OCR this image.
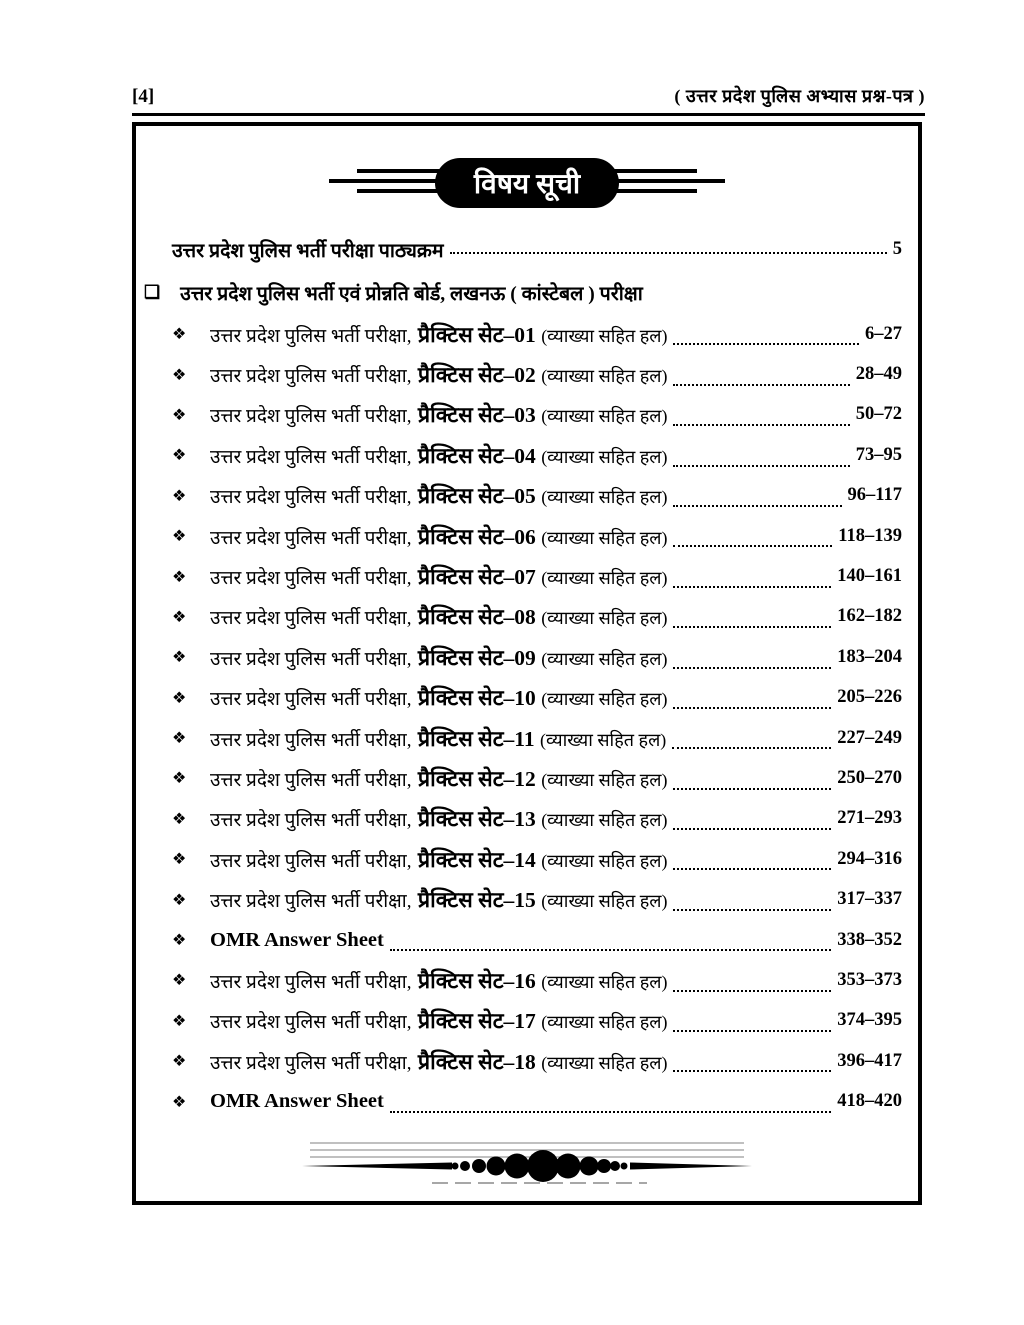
[4]	( उत्तर प्रदेश पुलिस अभ्यास प्रश्न-पत्र )
विषय सूची
उत्तर प्रदेश पुलिस भर्ती परीक्षा पाठ्यक्रम	5
❏ उत्तर प्रदेश पुलिस भर्ती एवं प्रोन्नति बोर्ड, लखनऊ ( कांस्टेबल ) परीक्षा
❖	उत्तर प्रदेश पुलिस भर्ती परीक्षा, प्रैक्टिस सेट–01 (व्याख्या सहित हल)	6–27
❖	उत्तर प्रदेश पुलिस भर्ती परीक्षा, प्रैक्टिस सेट–02 (व्याख्या सहित हल)	28–49
❖	उत्तर प्रदेश पुलिस भर्ती परीक्षा, प्रैक्टिस सेट–03 (व्याख्या सहित हल)	50–72
❖	उत्तर प्रदेश पुलिस भर्ती परीक्षा, प्रैक्टिस सेट–04 (व्याख्या सहित हल)	73–95
❖	उत्तर प्रदेश पुलिस भर्ती परीक्षा, प्रैक्टिस सेट–05 (व्याख्या सहित हल)	96–117
❖	उत्तर प्रदेश पुलिस भर्ती परीक्षा, प्रैक्टिस सेट–06 (व्याख्या सहित हल)	118–139
❖	उत्तर प्रदेश पुलिस भर्ती परीक्षा, प्रैक्टिस सेट–07 (व्याख्या सहित हल)	140–161
❖	उत्तर प्रदेश पुलिस भर्ती परीक्षा, प्रैक्टिस सेट–08 (व्याख्या सहित हल)	162–182
❖	उत्तर प्रदेश पुलिस भर्ती परीक्षा, प्रैक्टिस सेट–09 (व्याख्या सहित हल)	183–204
❖	उत्तर प्रदेश पुलिस भर्ती परीक्षा, प्रैक्टिस सेट–10 (व्याख्या सहित हल)	205–226
❖	उत्तर प्रदेश पुलिस भर्ती परीक्षा, प्रैक्टिस सेट–11 (व्याख्या सहित हल)	227–249
❖	उत्तर प्रदेश पुलिस भर्ती परीक्षा, प्रैक्टिस सेट–12 (व्याख्या सहित हल)	250–270
❖	उत्तर प्रदेश पुलिस भर्ती परीक्षा, प्रैक्टिस सेट–13 (व्याख्या सहित हल)	271–293
❖	उत्तर प्रदेश पुलिस भर्ती परीक्षा, प्रैक्टिस सेट–14 (व्याख्या सहित हल)	294–316
❖	उत्तर प्रदेश पुलिस भर्ती परीक्षा, प्रैक्टिस सेट–15 (व्याख्या सहित हल)	317–337
❖	OMR Answer Sheet	338–352
❖	उत्तर प्रदेश पुलिस भर्ती परीक्षा, प्रैक्टिस सेट–16 (व्याख्या सहित हल)	353–373
❖	उत्तर प्रदेश पुलिस भर्ती परीक्षा, प्रैक्टिस सेट–17 (व्याख्या सहित हल)	374–395
❖	उत्तर प्रदेश पुलिस भर्ती परीक्षा, प्रैक्टिस सेट–18 (व्याख्या सहित हल)	396–417
❖	OMR Answer Sheet	418–420
